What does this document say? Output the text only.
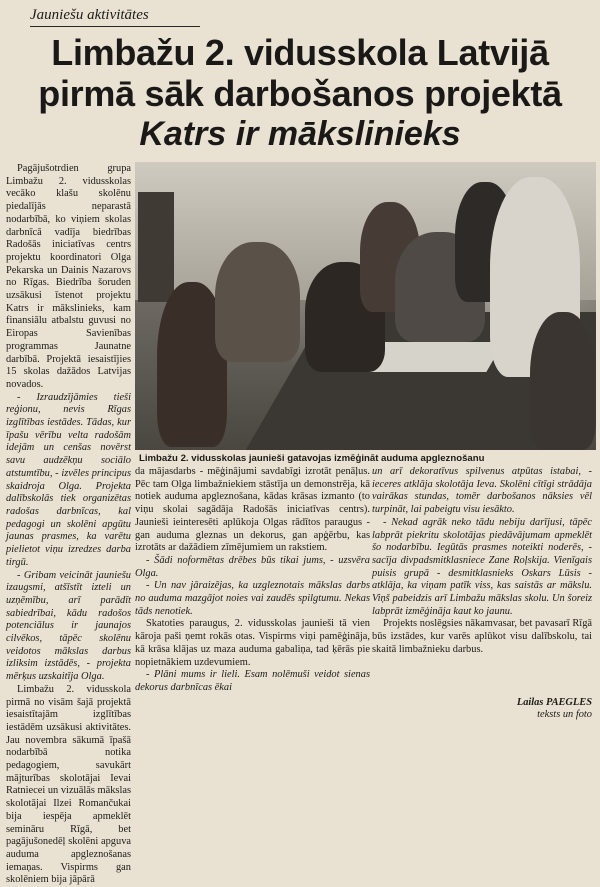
Jauniešu aktivitātes
Limbažu 2. vidusskola Latvijā
pirmā sāk darbošanos projektā
Katrs ir mākslinieks

Pagājušotrdien grupa Limbažu 2. vidusskolas vecāko klašu skolēnu piedalījās neparastā nodarbībā, ko viņiem skolas darbnīcā vadīja biedrības Radošās iniciatīvas centrs projektu koordinatori Olga Pekarska un Dainis Nazarovs no Rīgas. Biedrība šoruden uzsākusi īstenot projektu Katrs ir mākslinieks, kam finansiālu atbalstu guvusi no Eiropas Savienības programmas Jaunatne darbībā. Projektā iesaistījies 15 skolas dažādos Latvijas novados.

- Izraudzījāmies tieši reģionu, nevis Rīgas izglītības iestādes. Tādas, kur īpašu vērību velta radošām idejām un cenšas novērst savu audzēkņu sociālo atstumtību, - izvēles principus skaidroja Olga. Projekta dalībskolās tiek organizētas radošas darbnīcas, kal pedagogi un skolēni apgūtu jaunas prasmes, ka varētu pielietot viņu izredzes darba tirgū.

- Gribam veicināt jauniešu izaugsmi, atšīstīt izteli un uzņēmību, arī parādīt sabiedrībai, kādu radošos potenciālus ir jaunajos cilvēkos, tāpēc skolēnu veidotos mākslas darbus izliksim izstādēs, - projekta mērķus uzskaitīja Olga.

Limbažu 2. vidusskola pirmā no visām šajā projektā iesaistītajām izglītības iestādēm uzsākusi aktivitātes. Jau novembra sākumā īpašā nodarbībā notika pedagogiem, savukārt mājturības skolotājai Ievai Ratniecei un vizuālās mākslas skolotājai Ilzei Romančukai bija iespēja apmeklēt semināru Rīgā, bet pagājušonedēļ skolēni apguva auduma apgleznošanas iemaņas. Vispirms gan skolēniem bija jāpārā

Limbažu 2. vidusskolas jaunieši gatavojas izmēģināt auduma apgleznošanu

da mājasdarbs - mēģinājumi savdabīgi izrotāt penāļus. Pēc tam Olga limbažniekiem stāstīja un demonstrēja, kā notiek auduma apgleznošana, kādas krāsas izmanto (to viņu skolai sagādāja Radošās iniciatīvas centrs). Jaunieši ieinteresēti aplūkoja Olgas rādītos paraugus - gan auduma gleznas un dekorus, gan apģērbu, kas izrotāts ar dažādiem zīmējumiem un rakstiem.

- Šādi noformētas drēbes būs tikai jums, - uzsvēra Olga.

- Un nav jāraizējas, ka uzgleznotais mākslas darbs no auduma mazgājot noies vai zaudēs spilgtumu. Nekas tāds nenotiek.

Skatoties paraugus, 2. vidusskolas jaunieši tā vien kāroja paši ņemt rokās otas. Vispirms viņi pamēģināja, kā krāsa klājas uz maza auduma gabaliņa, tad ķērās pie nopietnākiem uzdevumiem.

- Plāni mums ir lieli. Esam nolēmuši veidot sienas dekorus darbnīcas ēkai

un arī dekoratīvus spilvenus atpūtas istabai, - ieceres atklāja skolotāja Ieva. Skolēni cītīgi strādāja vairākas stundas, tomēr darbošanos nāksies vēl turpināt, lai pabeigtu visu iesākto.

- Nekad agrāk neko tādu nebiju darījusi, tāpēc labprāt piekritu skolotājas piedāvājumam apmeklēt šo nodarbību. Iegūtās prasmes noteikti noderēs, - sacīja divpadsmitklasniece Zane Roļskija. Vienīgais puisis grupā - desmitklasnieks Oskars Lūsis - atklāja, ka viņam patīk viss, kas saistās ar mākslu. Viņš pabeidzis arī Limbažu mākslas skolu. Un šoreiz labprāt izmēģināja kaut ko jaunu.

Projekts noslēgsies nākamvasar, bet pavasarī Rīgā būs izstādes, kur varēs aplūkot visu dalībskolu, tai skaitā limbažnieku darbus.

Lailas PAEGLES
teksts un foto
